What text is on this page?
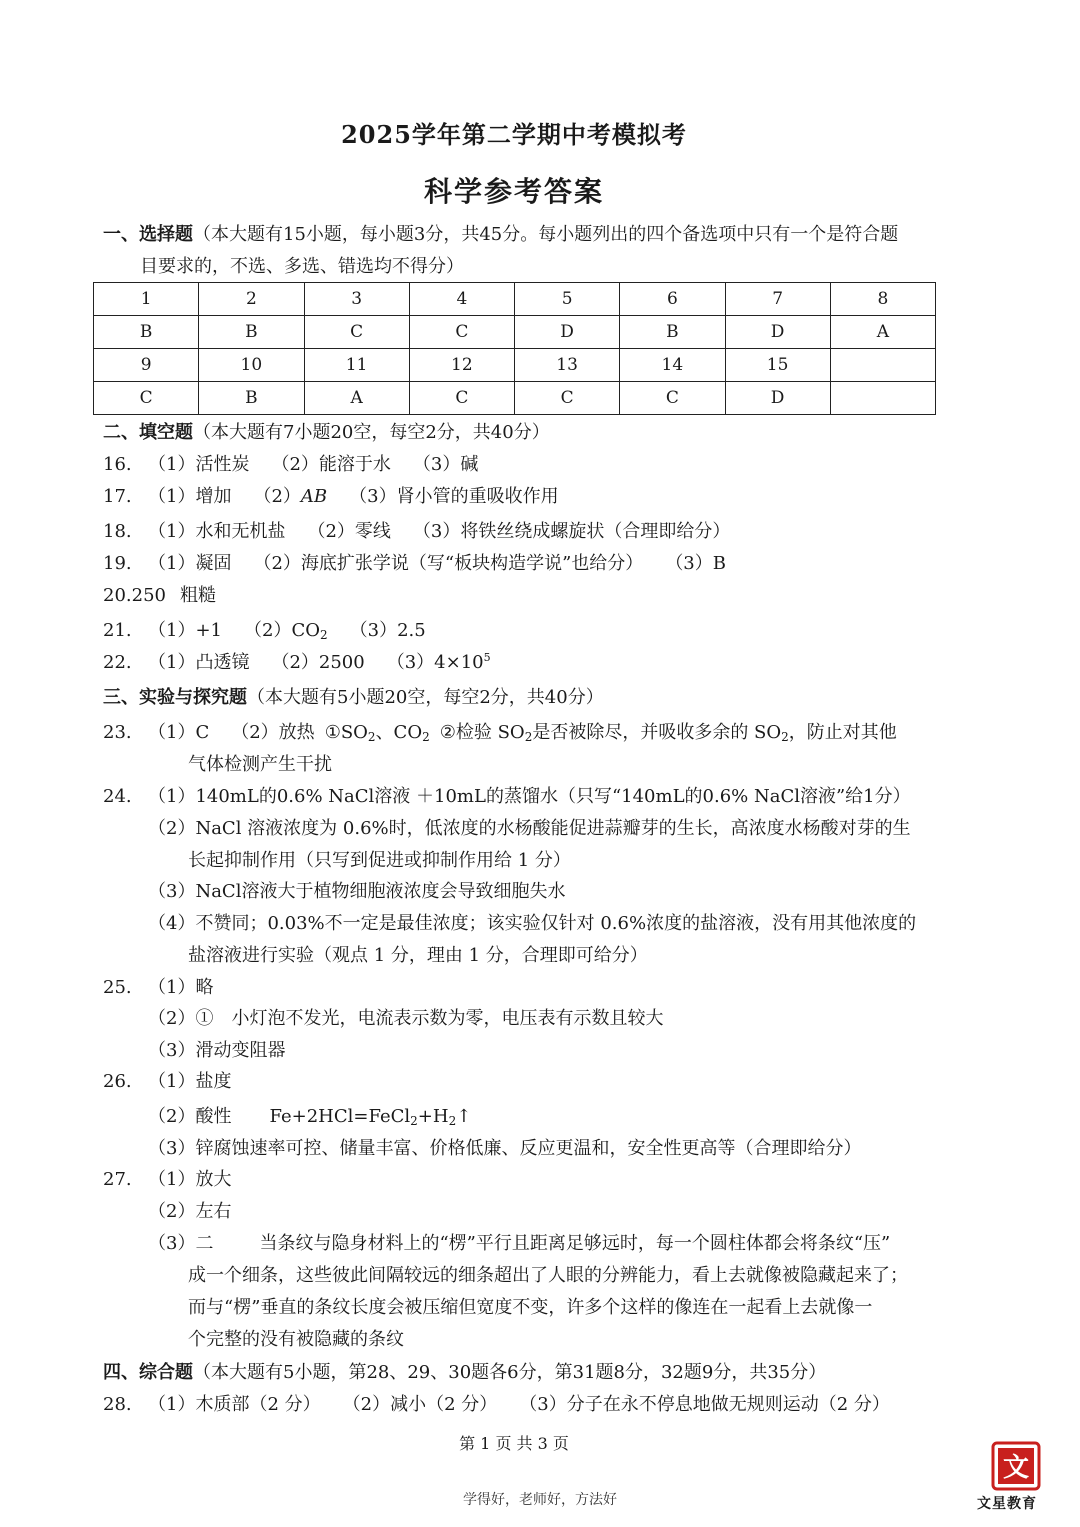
2025学年第二学期中考模拟考
科学参考答案
一、选择题（本大题有15小题，每小题3分，共45分。每小题列出的四个备选项中只有一个是符合题
目要求的，不选、多选、错选均不得分）
1	2	3	4	5	6	7	8
B	B	C	C	D	B	D	A
9	10	11	12	13	14	15	
C	B	A	C	C	C	D	
二、填空题（本大题有7小题20空，每空2分，共40分）
16. （1）活性炭 （2）能溶于水 （3）碱
17. （1）增加 （2）AB （3）肾小管的重吸收作用
18. （1）水和无机盐 （2）零线 （3）将铁丝绕成螺旋状（合理即给分）
19. （1）凝固 （2）海底扩张学说（写“板块构造学说”也给分） （3）B
20.250 粗糙
21. （1）+1 $(2)CO_2$ （3）2.5
22. （1）凸透镜 （2）2500 $(3)4\times 10^5$
三、实验与探究题（本大题有5小题20空，每空2分，共40分）
23. （1）C （2）放热 $①SO_2$、$CO_2$ ②检验 $SO_2$是否被除尽，并吸收多余的 $SO_2$，防止对其他
气体检测产生干扰
24. （1）140mL的0.6% NaCl溶液 ＋10mL的蒸馏水（只写“140mL的0.6% NaCl溶液”给1分）
（2）NaCl 溶液浓度为 0.6%时，低浓度的水杨酸能促进蒜瓣芽的生长，高浓度水杨酸对芽的生
长起抑制作用（只写到促进或抑制作用给 1 分）
（3）NaCl溶液大于植物细胞液浓度会导致细胞失水
（4）不赞同；0.03%不一定是最佳浓度；该实验仅针对 0.6%浓度的盐溶液，没有用其他浓度的
盐溶液进行实验（观点 1 分，理由 1 分，合理即可给分）
25. （1）略
（2）①　小灯泡不发光，电流表示数为零，电压表有示数且较大
（3）滑动变阻器
26. （1）盐度
（2）酸性 $Fe+2HCl=FeCl_2+H_2↑$
（3）锌腐蚀速率可控、储量丰富、价格低廉、反应更温和，安全性更高等（合理即给分）
27. （1）放大
（2）左右
（3）二	当条纹与隐身材料上的“楞”平行且距离足够远时，每一个圆柱体都会将条纹“压”
成一个细条，这些彼此间隔较远的细条超出了人眼的分辨能力，看上去就像被隐藏起来了；
而与“楞”垂直的条纹长度会被压缩但宽度不变，许多个这样的像连在一起看上去就像一
个完整的没有被隐藏的条纹
四、综合题（本大题有5小题，第28、29、30题各6分，第31题8分，32题9分，共35分）
28. （1）木质部（2 分） （2）减小（2 分） （3）分子在永不停息地做无规则运动（2 分）
第 1 页 共 3 页
学得好，老师好，方法好
文
文星教育
